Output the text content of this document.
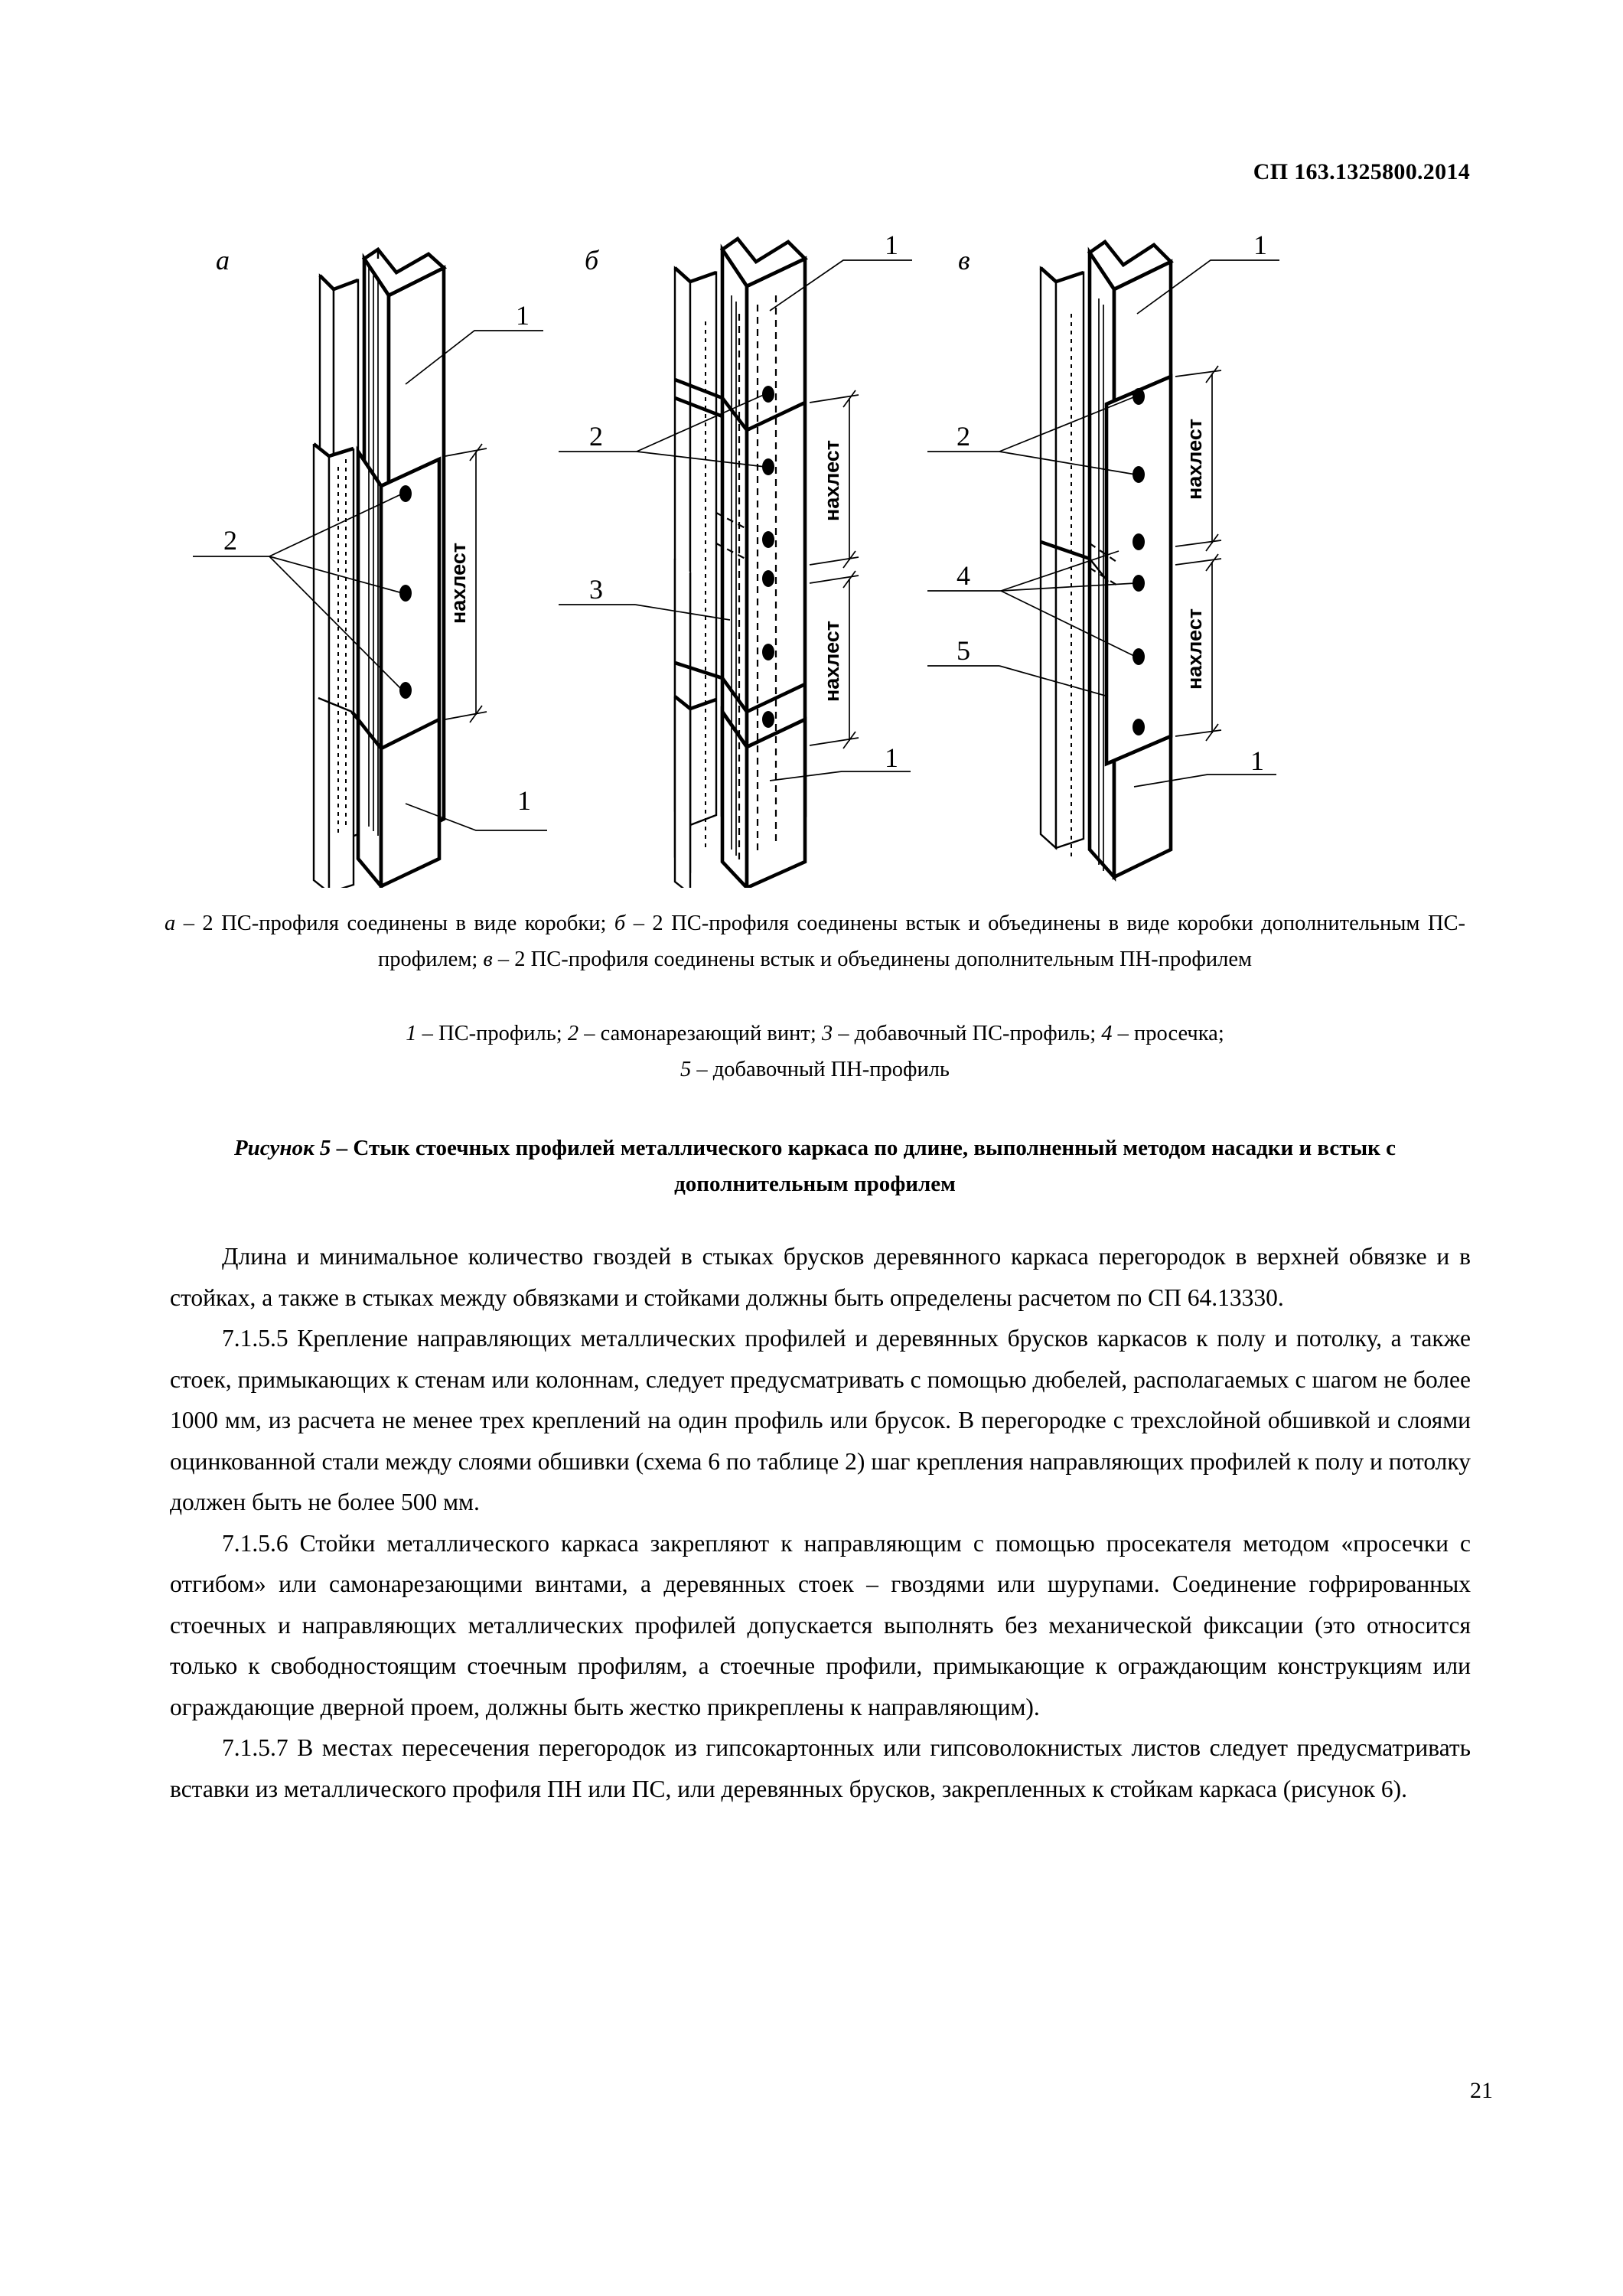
СП 163.1325800.2014
а
1
2
1
нахлест
б	1
2
3
1
нахлест
нахлест
в	1
2
4
5
1
нахлест
нахлест
а – 2 ПС-профиля соединены в виде коробки; б – 2 ПС-профиля соединены встык и объединены в виде коробки дополнительным ПС-профилем; в – 2 ПС-профиля соединены встык и объединены дополнительным ПН-профилем
1 – ПС-профиль; 2 – самонарезающий винт; 3 – добавочный ПС-профиль; 4 – просечка;
5 – добавочный ПН-профиль
Рисунок 5 – Стык стоечных профилей металлического каркаса по длине, выполненный методом насадки и встык с дополнительным профилем

Длина и минимальное количество гвоздей в стыках брусков деревянного каркаса перегородок в верхней обвязке и в стойках, а также в стыках между обвязками и стойками должны быть определены расчетом по СП 64.13330.

7.1.5.5 Крепление направляющих металлических профилей и деревянных брусков каркасов к полу и потолку, а также стоек, примыкающих к стенам или колоннам, следует предусматривать с помощью дюбелей, располагаемых с шагом не более 1000 мм, из расчета не менее трех креплений на один профиль или брусок. В перегородке с трехслойной обшивкой и слоями оцинкованной стали между слоями обшивки (схема 6 по таблице 2) шаг крепления направляющих профилей к полу и потолку должен быть не более 500 мм.

7.1.5.6 Стойки металлического каркаса закрепляют к направляющим с помощью просекателя методом «просечки с отгибом» или самонарезающими винтами, а деревянных стоек – гвоздями или шурупами. Соединение гофрированных стоечных и направляющих металлических профилей допускается выполнять без механической фиксации (это относится только к свободностоящим стоечным профилям, а стоечные профили, примыкающие к ограждающим конструкциям или ограждающие дверной проем, должны быть жестко прикреплены к направляющим).

7.1.5.7 В местах пересечения перегородок из гипсокартонных или гипсоволокнистых листов следует предусматривать вставки из металлического профиля ПН или ПС, или деревянных брусков, закрепленных к стойкам каркаса (рисунок 6).

21
